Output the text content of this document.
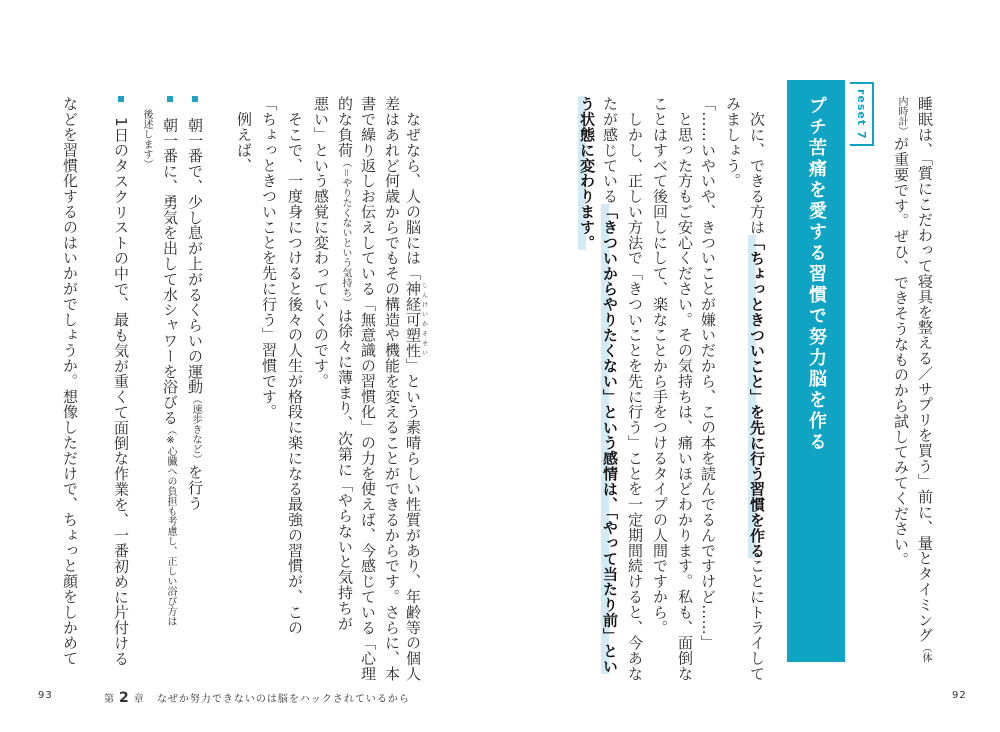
　なぜなら、人の脳には「神経可塑性しんけいかそせい」という素晴らしい性質があり、年齢等の個人
差はあれど何歳からでもその構造や機能を変えることができるからです。さらに、本
書で繰り返しお伝えしている「無意識の習慣化」の力を使えば、今感じている「心理
的な負荷（＝やりたくないという気持ち）は徐々に薄まり、次第に「やらないと気持ちが
悪い」という感覚に変わっていくのです。
　そこで、一度身につけると後々の人生が格段に楽になる最強の習慣が、この
「ちょっときついことを先に行う」習慣です。
　例えば、
朝一番で、少し息が上がるくらいの運動（速歩きなど）を行う
朝一番に、勇気を出して水シャワーを浴びる（※心臓への負担も考慮し、正しい浴び方は
　 後述します）
1日のタスクリストの中で、最も気が重くて面倒な作業を、一番初めに片付ける
などを習慣化するのはいかがでしょうか。想像しただけで、ちょっと顔をしかめて
93	第 2 章 なぜか努力できないのは脳をハックされているから
reset 7
プチ苦痛を愛する習慣で努力脳を作る	睡眠は、「質にこだわって寝具を整える／サプリを買う」前に、量とタイミング（体
内時計）が重要です。ぜひ、できそうなものから試してみてください。
　次に、できる方は「ちょっときついこと」を先に行う習慣を作ることにトライして
みましょう。
「……いやいや、きついことが嫌いだから、この本を読んでるんですけど……」
　と思った方もご安心ください。その気持ちは、痛いほどわかります。私も、面倒な
ことはすべて後回しにして、楽なことから手をつけるタイプの人間ですから。
　しかし、正しい方法で「きついことを先に行う」ことを一定期間続けると、今あな
たが感じている「きついからやりたくない」という感情は、「やって当たり前」とい
う状態に変わります。
92
